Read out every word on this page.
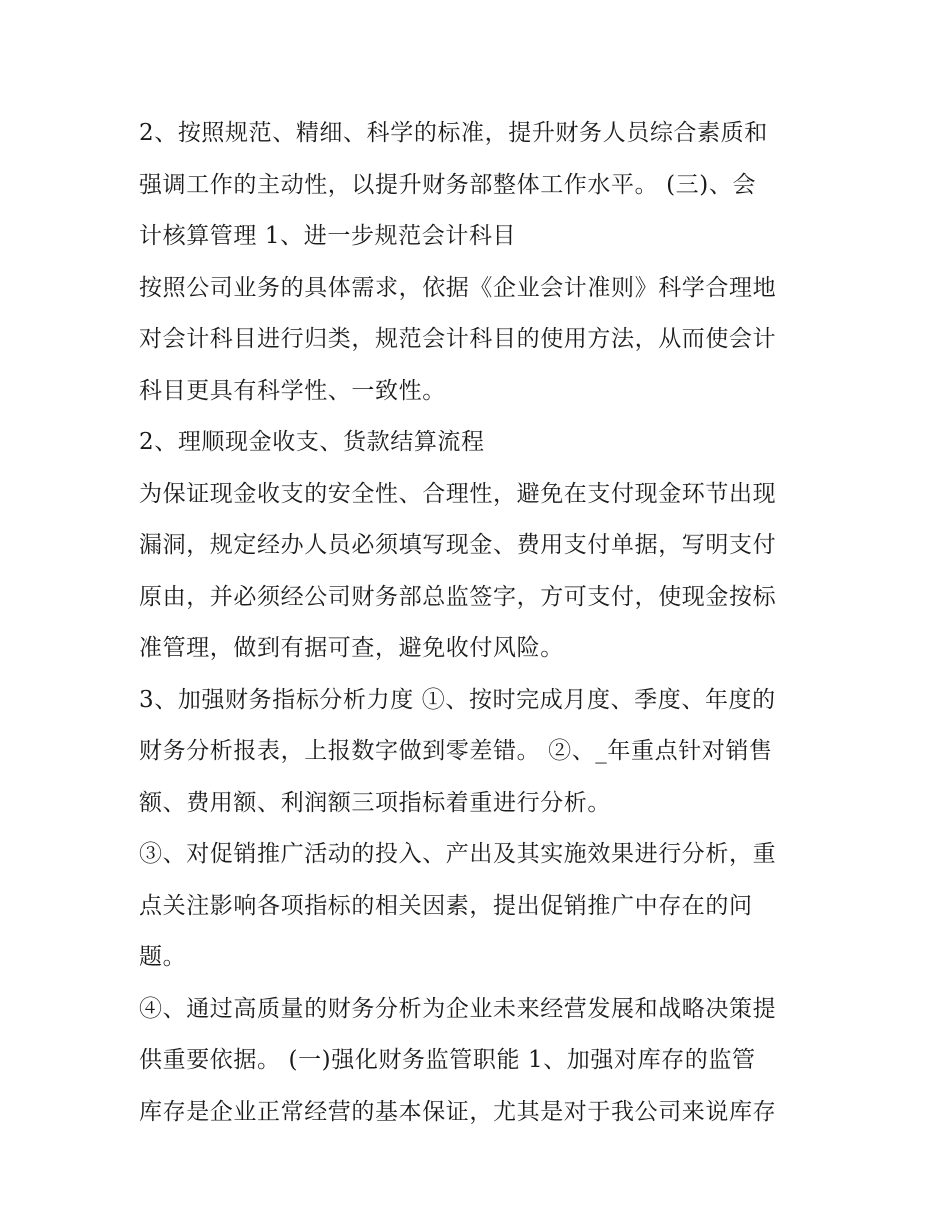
2、按照规范、精细、科学的标准，提升财务人员综合素质和
强调工作的主动性，以提升财务部整体工作水平。 (三)、会
计核算管理 1、进一步规范会计科目
按照公司业务的具体需求，依据《企业会计准则》科学合理地
对会计科目进行归类，规范会计科目的使用方法，从而使会计
科目更具有科学性、一致性。
2、理顺现金收支、货款结算流程
为保证现金收支的安全性、合理性，避免在支付现金环节出现
漏洞，规定经办人员必须填写现金、费用支付单据，写明支付
原由，并必须经公司财务部总监签字，方可支付，使现金按标
准管理，做到有据可查，避免收付风险。
3、加强财务指标分析力度 ①、按时完成月度、季度、年度的
财务分析报表，上报数字做到零差错。 ②、_年重点针对销售
额、费用额、利润额三项指标着重进行分析。
③、对促销推广活动的投入、产出及其实施效果进行分析，重
点关注影响各项指标的相关因素，提出促销推广中存在的问
题。
④、通过高质量的财务分析为企业未来经营发展和战略决策提
供重要依据。 (一)强化财务监管职能 1、加强对库存的监管
库存是企业正常经营的基本保证，尤其是对于我公司来说库存
